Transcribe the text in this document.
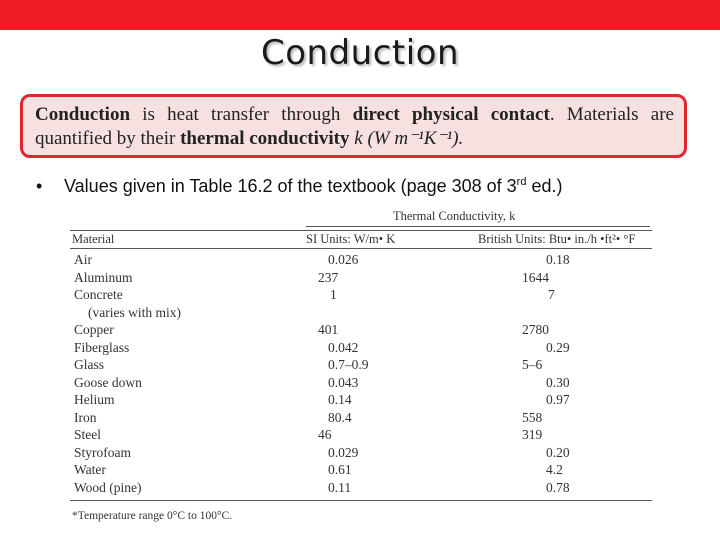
Conduction
Conduction is heat transfer through direct physical contact. Materials are quantified by their thermal conductivity k (W m⁻¹K⁻¹).
• Values given in Table 16.2 of the textbook (page 308 of 3rd ed.)
Thermal Conductivity, k
Material	SI Units: W/m• K	British Units: Btu• in./h •ft²• °F
*Temperature range 0°C to 100°C.
Air	0.026	0.18
Aluminum	237	1644
Concrete	1	7
(varies with mix)
Copper	401	2780
Fiberglass	0.042	0.29
Glass	0.7–0.9	5–6
Goose down	0.043	0.30
Helium	0.14	0.97
Iron	80.4	558
Steel	46	319
Styrofoam	0.029	0.20
Water	0.61	4.2
Wood (pine)	0.11	0.78
